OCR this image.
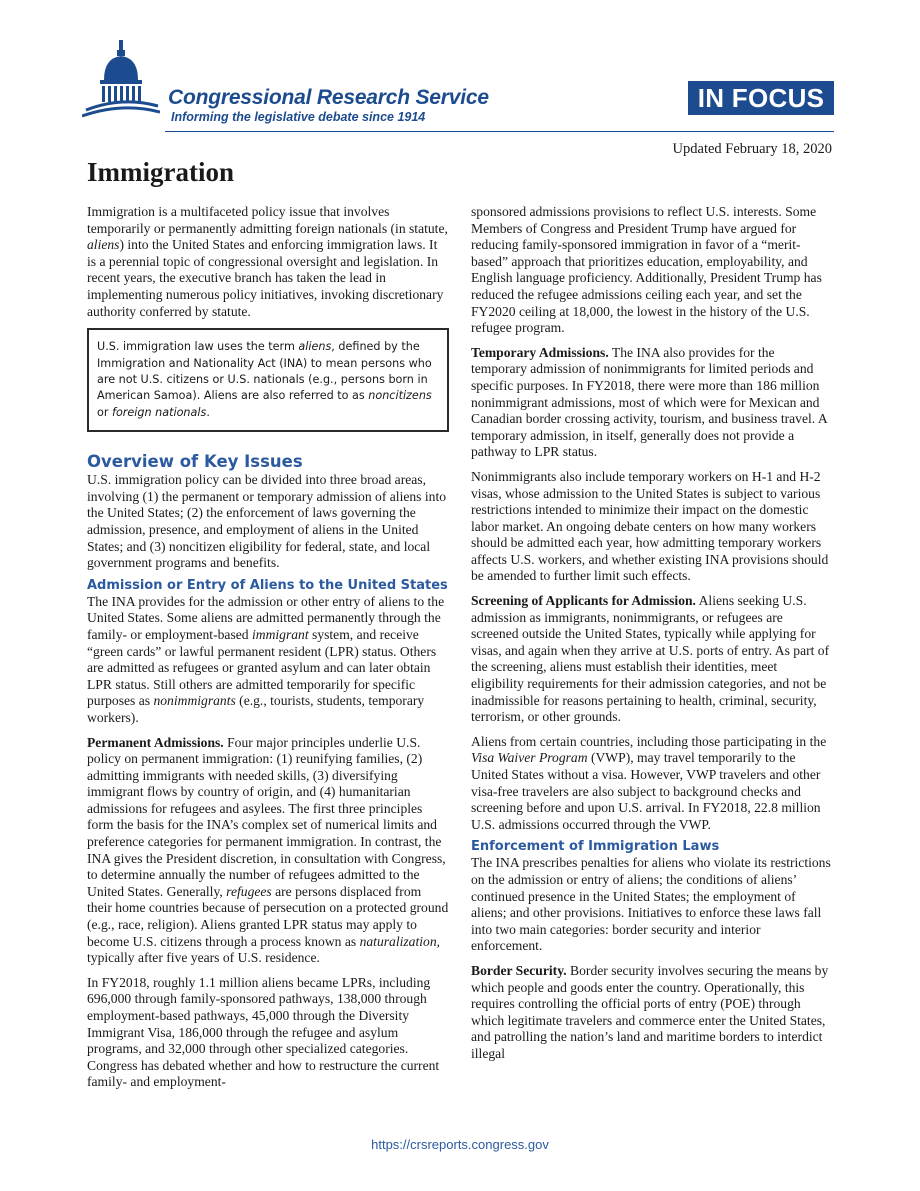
Congressional Research Service
Informing the legislative debate since 1914
IN FOCUS
Updated February 18, 2020
Immigration

Immigration is a multifaceted policy issue that involves temporarily or permanently admitting foreign nationals (in statute, aliens) into the United States and enforcing immigration laws. It is a perennial topic of congressional oversight and legislation. In recent years, the executive branch has taken the lead in implementing numerous policy initiatives, invoking discretionary authority conferred by statute.

U.S. immigration law uses the term aliens, defined by the Immigration and Nationality Act (INA) to mean persons who are not U.S. citizens or U.S. nationals (e.g., persons born in American Samoa). Aliens are also referred to as noncitizens or foreign nationals.
Overview of Key Issues

U.S. immigration policy can be divided into three broad areas, involving (1) the permanent or temporary admission of aliens into the United States; (2) the enforcement of laws governing the admission, presence, and employment of aliens in the United States; and (3) noncitizen eligibility for federal, state, and local government programs and benefits.

Admission or Entry of Aliens to the United States

The INA provides for the admission or other entry of aliens to the United States. Some aliens are admitted permanently through the family- or employment-based immigrant system, and receive “green cards” or lawful permanent resident (LPR) status. Others are admitted as refugees or granted asylum and can later obtain LPR status. Still others are admitted temporarily for specific purposes as nonimmigrants (e.g., tourists, students, temporary workers).

Permanent Admissions. Four major principles underlie U.S. policy on permanent immigration: (1) reunifying families, (2) admitting immigrants with needed skills, (3) diversifying immigrant flows by country of origin, and (4) humanitarian admissions for refugees and asylees. The first three principles form the basis for the INA’s complex set of numerical limits and preference categories for permanent immigration. In contrast, the INA gives the President discretion, in consultation with Congress, to determine annually the number of refugees admitted to the United States. Generally, refugees are persons displaced from their home countries because of persecution on a protected ground (e.g., race, religion). Aliens granted LPR status may apply to become U.S. citizens through a process known as naturalization, typically after five years of U.S. residence.

In FY2018, roughly 1.1 million aliens became LPRs, including 696,000 through family-sponsored pathways, 138,000 through employment-based pathways, 45,000 through the Diversity Immigrant Visa, 186,000 through the refugee and asylum programs, and 32,000 through other specialized categories. Congress has debated whether and how to restructure the current family- and employment-

sponsored admissions provisions to reflect U.S. interests. Some Members of Congress and President Trump have argued for reducing family-sponsored immigration in favor of a “merit-based” approach that prioritizes education, employability, and English language proficiency. Additionally, President Trump has reduced the refugee admissions ceiling each year, and set the FY2020 ceiling at 18,000, the lowest in the history of the U.S. refugee program.

Temporary Admissions. The INA also provides for the temporary admission of nonimmigrants for limited periods and specific purposes. In FY2018, there were more than 186 million nonimmigrant admissions, most of which were for Mexican and Canadian border crossing activity, tourism, and business travel. A temporary admission, in itself, generally does not provide a pathway to LPR status.

Nonimmigrants also include temporary workers on H-1 and H-2 visas, whose admission to the United States is subject to various restrictions intended to minimize their impact on the domestic labor market. An ongoing debate centers on how many workers should be admitted each year, how admitting temporary workers affects U.S. workers, and whether existing INA provisions should be amended to further limit such effects.

Screening of Applicants for Admission. Aliens seeking U.S. admission as immigrants, nonimmigrants, or refugees are screened outside the United States, typically while applying for visas, and again when they arrive at U.S. ports of entry. As part of the screening, aliens must establish their identities, meet eligibility requirements for their admission categories, and not be inadmissible for reasons pertaining to health, criminal, security, terrorism, or other grounds.

Aliens from certain countries, including those participating in the Visa Waiver Program (VWP), may travel temporarily to the United States without a visa. However, VWP travelers and other visa-free travelers are also subject to background checks and screening before and upon U.S. arrival. In FY2018, 22.8 million U.S. admissions occurred through the VWP.

Enforcement of Immigration Laws

The INA prescribes penalties for aliens who violate its restrictions on the admission or entry of aliens; the conditions of aliens’ continued presence in the United States; the employment of aliens; and other provisions. Initiatives to enforce these laws fall into two main categories: border security and interior enforcement.

Border Security. Border security involves securing the means by which people and goods enter the country. Operationally, this requires controlling the official ports of entry (POE) through which legitimate travelers and commerce enter the United States, and patrolling the nation’s land and maritime borders to interdict illegal

https://crsreports.congress.gov
